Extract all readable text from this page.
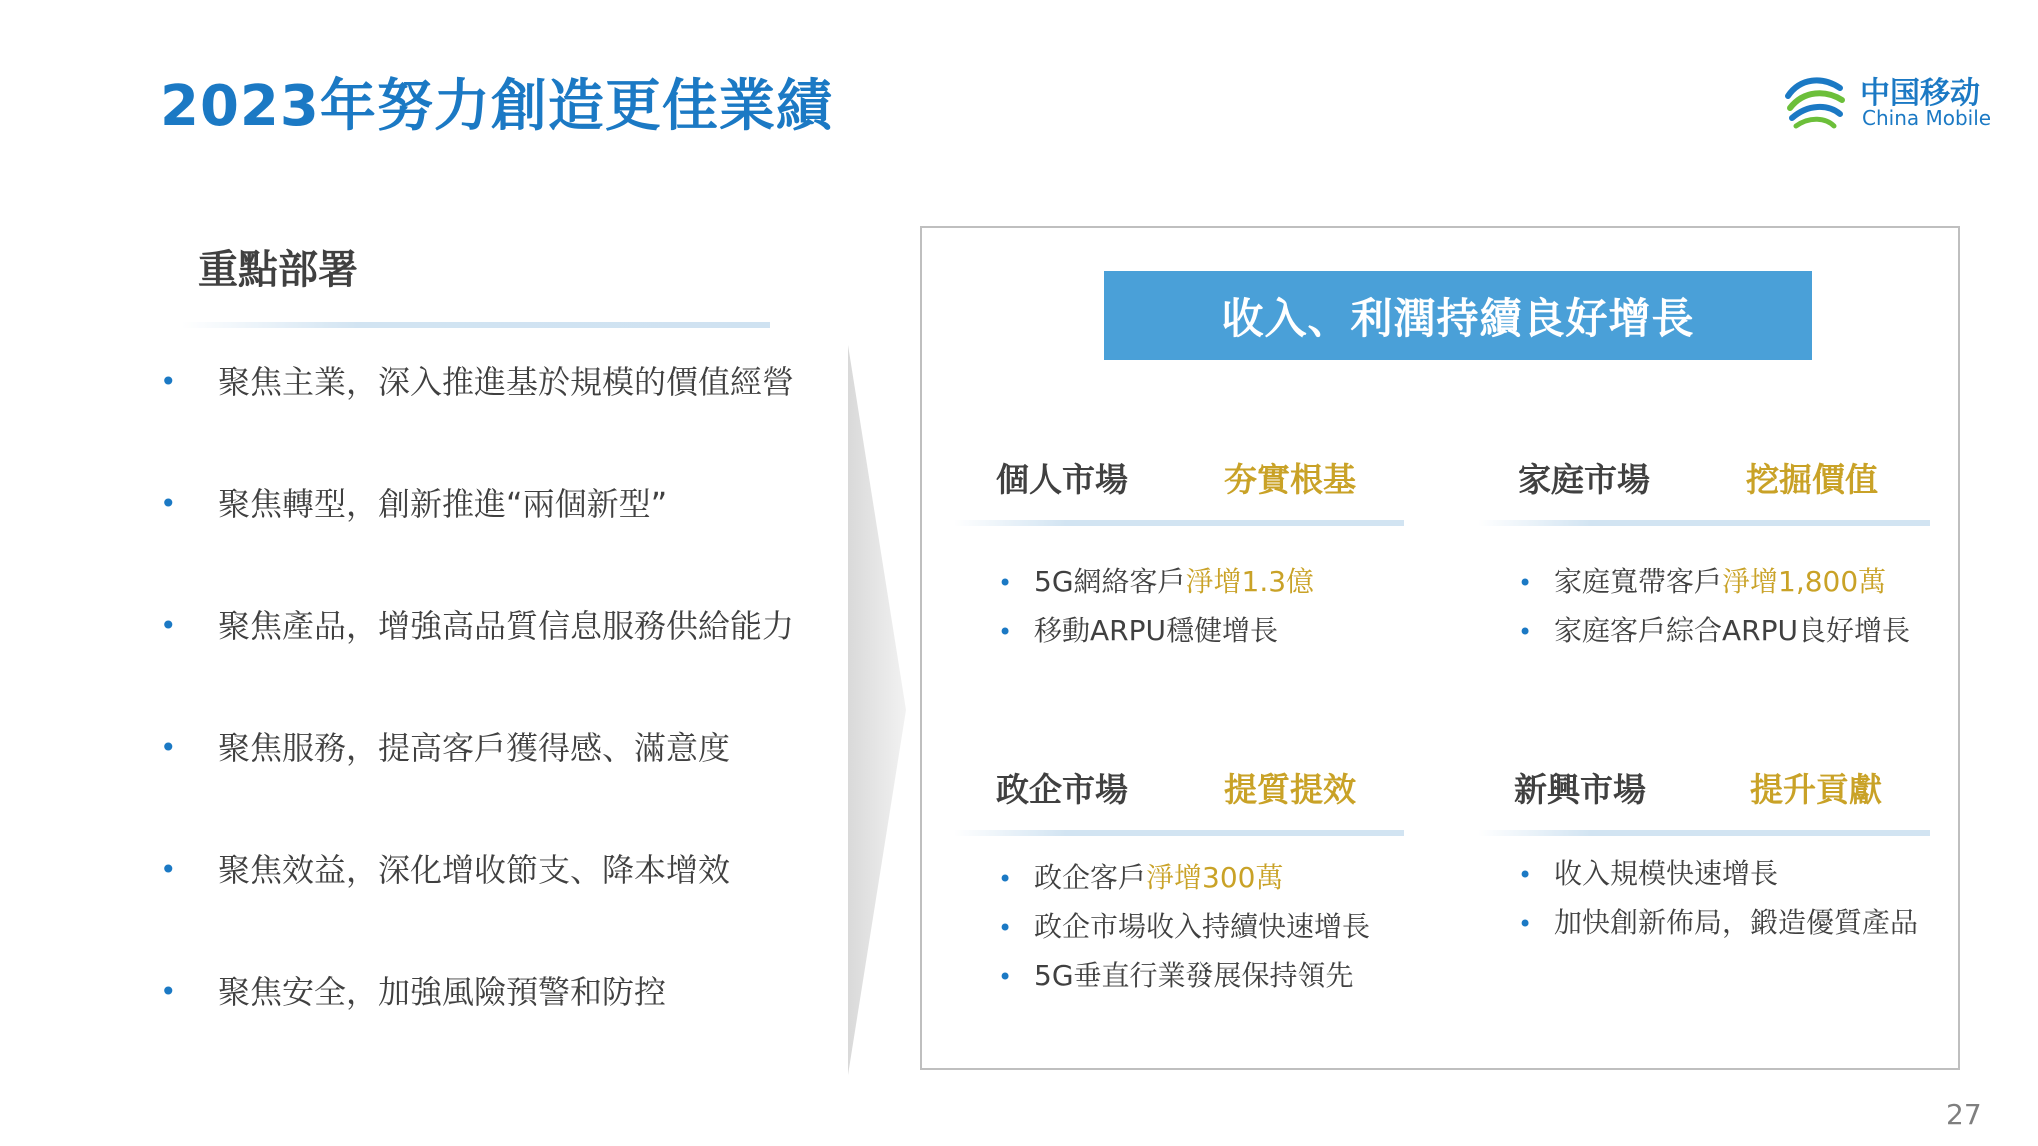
2023年努力創造更佳業績	中国移动
China Mobile
重點部署
•	聚焦主業，深入推進基於規模的價值經營
•	聚焦轉型，創新推進“兩個新型”
•	聚焦產品，增強高品質信息服務供給能力
•	聚焦服務，提高客戶獲得感、滿意度
•	聚焦效益，深化增收節支、降本增效
•	聚焦安全，加強風險預警和防控
收入、利潤持續良好增長
個人市場	夯實根基
• 5G網絡客戶淨增1.3億
• 移動ARPU穩健增長
家庭市場	挖掘價值
• 家庭寬帶客戶淨增1,800萬
• 家庭客戶綜合ARPU良好增長
政企市場	提質提效
• 政企客戶淨增300萬
• 政企市場收入持續快速增長
• 5G垂直行業發展保持領先
新興市場	提升貢獻
• 收入規模快速增長
• 加快創新佈局，鍛造優質產品
27
